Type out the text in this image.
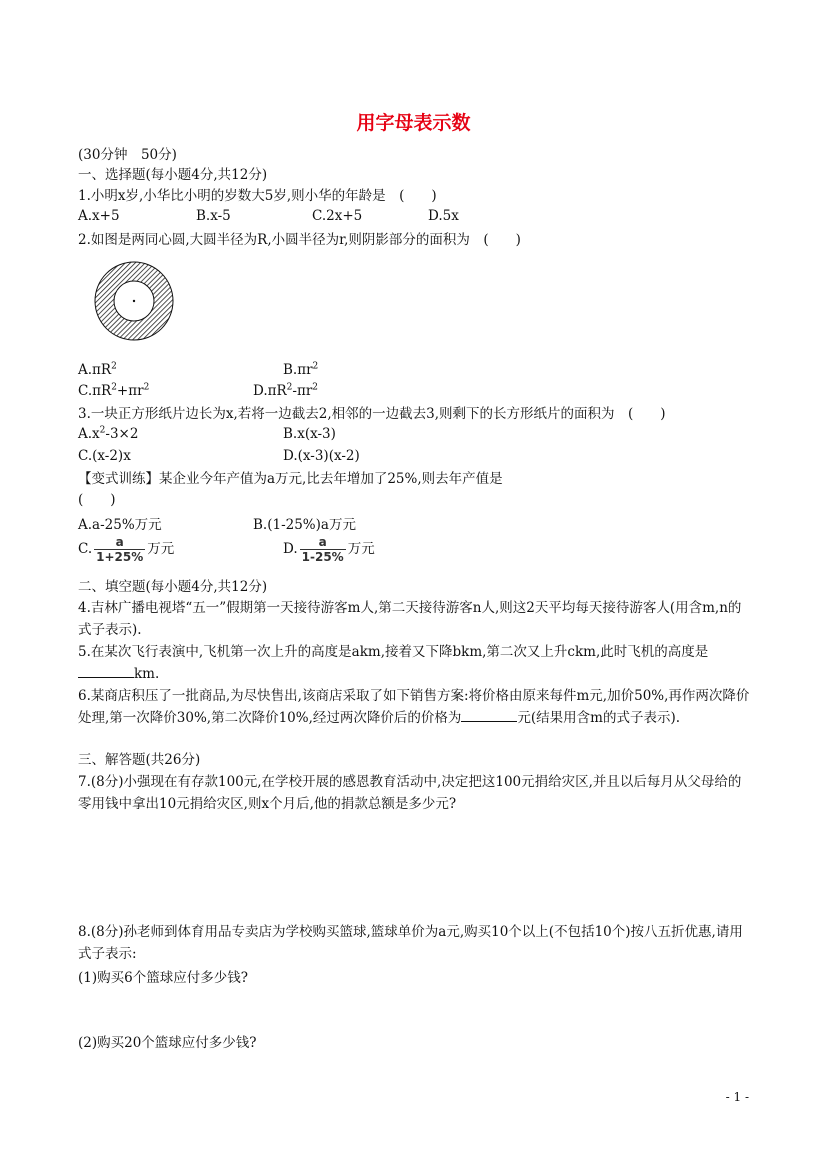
用字母表示数
(30分钟　50分)
一、选择题(每小题4分,共12分)
1.小明x岁,小华比小明的岁数大5岁,则小华的年龄是　(　　)
A.x+5	B.x-5	C.2x+5	D.5x
2.如图是两同心圆,大圆半径为R,小圆半径为r,则阴影部分的面积为　(　　)
$A.\pi R^2$	$B.\pi r^2$
$C.\pi R^2+\pi r^2$	$D.\pi R^2-\pi r^2$
3.一块正方形纸片边长为x,若将一边截去2,相邻的一边截去3,则剩下的长方形纸片的面积为　(　　)
$A.x^2-3\times 2$	B.x(x-3)
C.(x-2)x	D.(x-3)(x-2)
【变式训练】某企业今年产值为a万元,比去年增加了25%,则去年产值是
(　　)
A.a-25%万元	B.(1-25%)a万元
C. $\frac{a}{1+25\%}$ 万元	D. $\frac{a}{1-25\%}$ 万元
二、填空题(每小题4分,共12分)
4.吉林广播电视塔“五一”假期第一天接待游客m人,第二天接待游客n人,则这2天平均每天接待游客人(用含m,n的式子表示).
5.在某次飞行表演中,飞机第一次上升的高度是akm,接着又下降bkm,第二次又上升ckm,此时飞机的高度是km.
6.某商店积压了一批商品,为尽快售出,该商店采取了如下销售方案:将价格由原来每件m元,加价50%,再作两次降价处理,第一次降价30%,第二次降价10%,经过两次降价后的价格为	元(结果用含m的式子表示).
三、解答题(共26分)
7.(8分)小强现在有存款100元,在学校开展的感恩教育活动中,决定把这100元捐给灾区,并且以后每月从父母给的零用钱中拿出10元捐给灾区,则x个月后,他的捐款总额是多少元?
8.(8分)孙老师到体育用品专卖店为学校购买篮球,篮球单价为a元,购买10个以上(不包括10个)按八五折优惠,请用式子表示:
(1)购买6个篮球应付多少钱?
(2)购买20个篮球应付多少钱?
- 1 -
